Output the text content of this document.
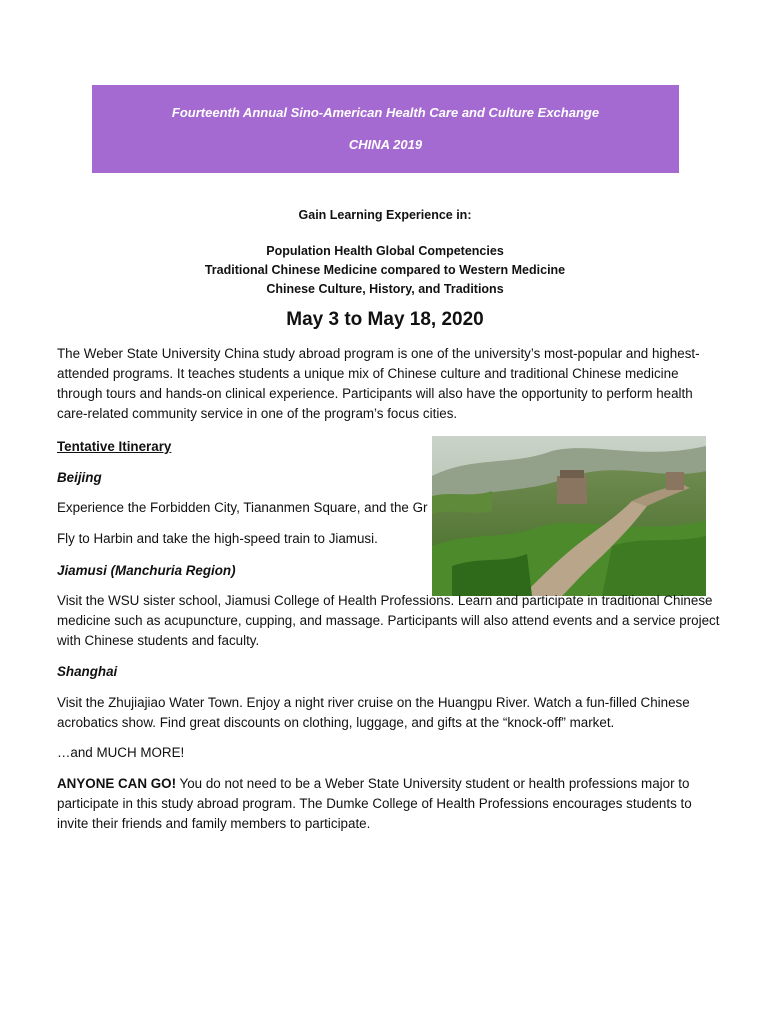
Fourteenth Annual Sino-American Health Care and Culture Exchange
CHINA 2019
Gain Learning Experience in:
Population Health Global Competencies
Traditional Chinese Medicine compared to Western Medicine
Chinese Culture, History, and Traditions
May 3 to May 18, 2020
The Weber State University China study abroad program is one of the university’s most-popular and highest-attended programs. It teaches students a unique mix of Chinese culture and traditional Chinese medicine through tours and hands-on clinical experience. Participants will also have the opportunity to perform health care-related community service in one of the program’s focus cities.
Tentative Itinerary
Beijing
Experience the Forbidden City, Tiananmen Square, and the Gr
Fly to Harbin and take the high-speed train to Jiamusi.
Jiamusi (Manchuria Region)
Visit the WSU sister school, Jiamusi College of Health Professions. Learn and participate in traditional Chinese medicine such as acupuncture, cupping, and massage. Participants will also attend events and a service project with Chinese students and faculty.
Shanghai
Visit the Zhujiajiao Water Town. Enjoy a night river cruise on the Huangpu River. Watch a fun-filled Chinese acrobatics show. Find great discounts on clothing, luggage, and gifts at the “knock-off” market.
…and MUCH MORE!
ANYONE CAN GO! You do not need to be a Weber State University student or health professions major to participate in this study abroad program. The Dumke College of Health Professions encourages students to invite their friends and family members to participate.
